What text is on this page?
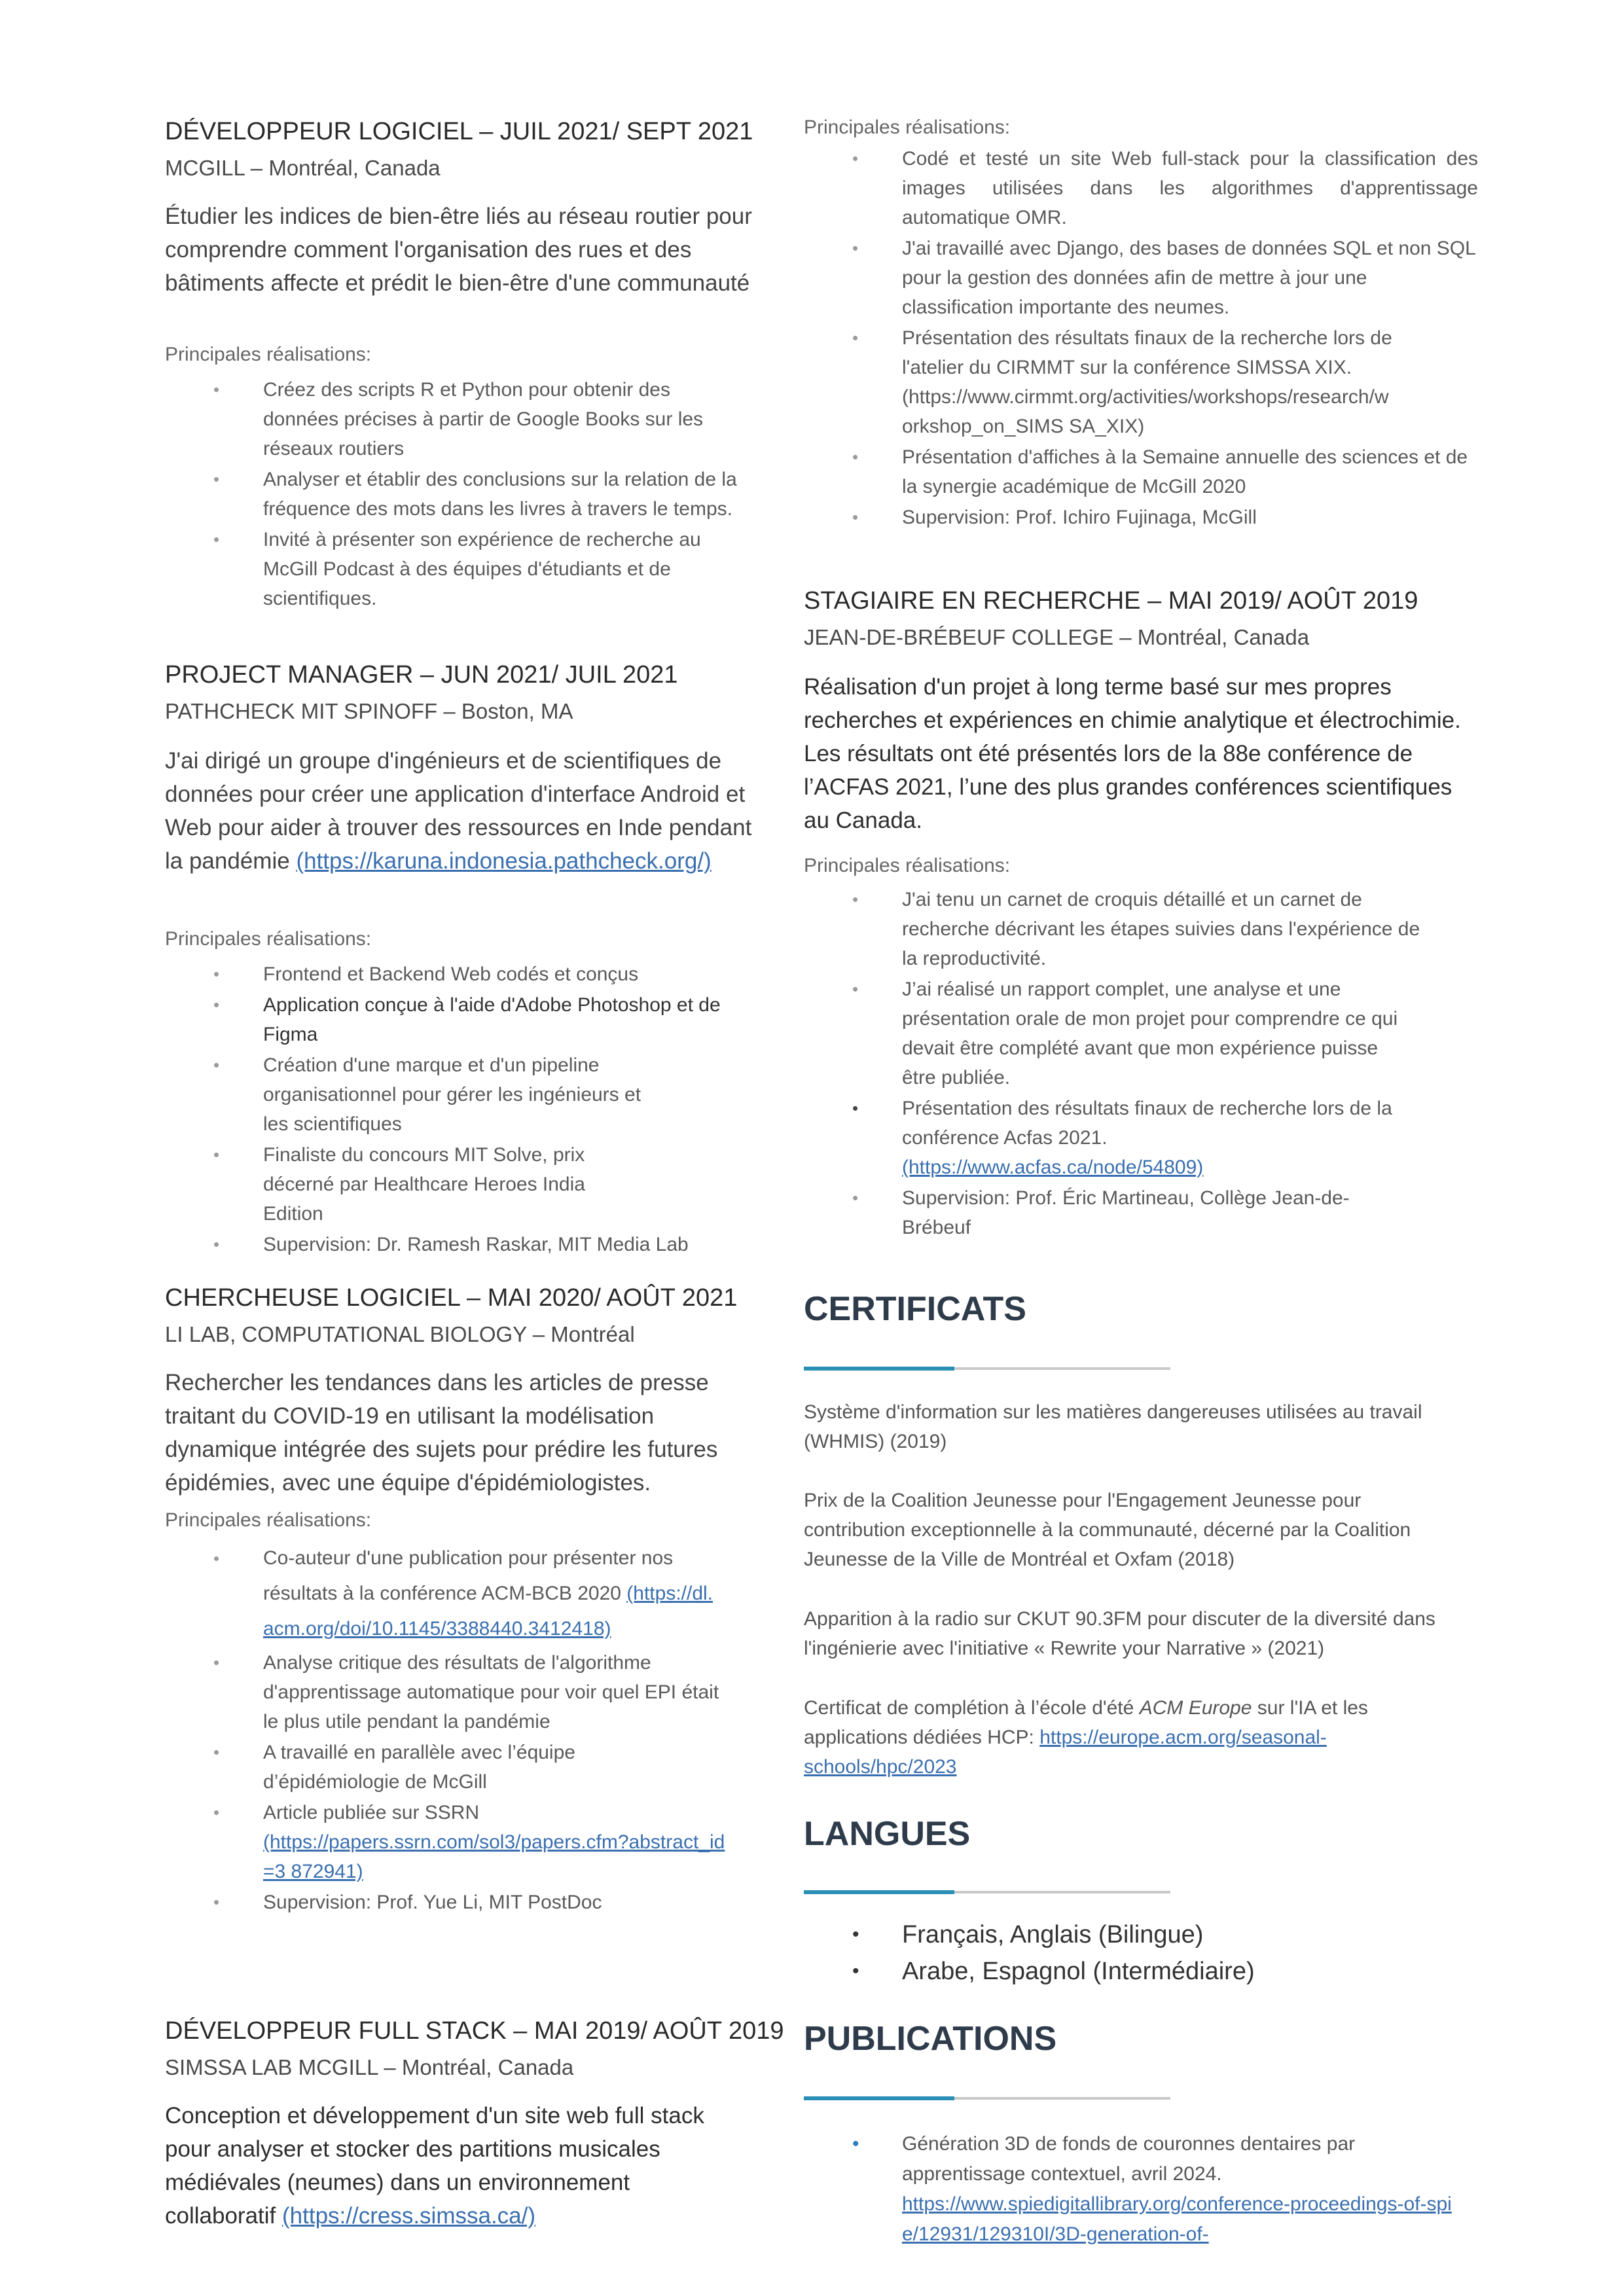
DÉVELOPPEUR LOGICIEL – JUIL 2021/ SEPT 2021
MCGILL – Montréal, Canada
Étudier les indices de bien-être liés au réseau routier pour comprendre comment l'organisation des rues et des bâtiments affecte et prédit le bien-être d'une communauté
Principales réalisations:
• Créez des scripts R et Python pour obtenir des données précises à partir de Google Books sur les réseaux routiers
• Analyser et établir des conclusions sur la relation de la fréquence des mots dans les livres à travers le temps.
• Invité à présenter son expérience de recherche au McGill Podcast à des équipes d'étudiants et de scientifiques.
PROJECT MANAGER – JUN 2021/ JUIL 2021
PATHCHECK MIT SPINOFF – Boston, MA
J'ai dirigé un groupe d'ingénieurs et de scientifiques de données pour créer une application d'interface Android et Web pour aider à trouver des ressources en Inde pendant la pandémie (https://karuna.indonesia.pathcheck.org/)
Principales réalisations:
• Frontend et Backend Web codés et conçus
• Application conçue à l'aide d'Adobe Photoshop et de Figma
• Création d'une marque et d'un pipeline organisationnel pour gérer les ingénieurs et les scientifiques
• Finaliste du concours MIT Solve, prix décerné par Healthcare Heroes India Edition
• Supervision: Dr. Ramesh Raskar, MIT Media Lab
CHERCHEUSE LOGICIEL – MAI 2020/ AOÛT 2021
LI LAB, COMPUTATIONAL BIOLOGY – Montréal
Rechercher les tendances dans les articles de presse traitant du COVID-19 en utilisant la modélisation dynamique intégrée des sujets pour prédire les futures épidémies, avec une équipe d'épidémiologistes.
Principales réalisations:
• Co-auteur d'une publication pour présenter nos résultats à la conférence ACM-BCB 2020 (https://dl.acm.org/doi/10.1145/3388440.3412418)
• Analyse critique des résultats de l'algorithme d'apprentissage automatique pour voir quel EPI était le plus utile pendant la pandémie
• A travaillé en parallèle avec l’équipe d’épidémiologie de McGill
• Article publiée sur SSRN
(https://papers.ssrn.com/sol3/papers.cfm?abstract_id=3 872941)
• Supervision: Prof. Yue Li, MIT PostDoc
DÉVELOPPEUR FULL STACK – MAI 2019/ AOÛT 2019
SIMSSA LAB MCGILL – Montréal, Canada
Conception et développement d'un site web full stack pour analyser et stocker des partitions musicales médiévales (neumes) dans un environnement collaboratif (https://cress.simssa.ca/)
Principales réalisations:
• Codé et testé un site Web full-stack pour la classification des images utilisées dans les algorithmes d'apprentissage automatique OMR.
• J'ai travaillé avec Django, des bases de données SQL et non SQL pour la gestion des données afin de mettre à jour une classification importante des neumes.
• Présentation des résultats finaux de la recherche lors de l'atelier du CIRMMT sur la conférence SIMSSA XIX. (https://www.cirmmt.org/activities/workshops/research/workshop_on_SIMS SA_XIX)
• Présentation d'affiches à la Semaine annuelle des sciences et de la synergie académique de McGill 2020
• Supervision: Prof. Ichiro Fujinaga, McGill
STAGIAIRE EN RECHERCHE – MAI 2019/ AOÛT 2019
JEAN-DE-BRÉBEUF COLLEGE – Montréal, Canada
Réalisation d'un projet à long terme basé sur mes propres recherches et expériences en chimie analytique et électrochimie. Les résultats ont été présentés lors de la 88e conférence de l’ACFAS 2021, l’une des plus grandes conférences scientifiques au Canada.
Principales réalisations:
• J'ai tenu un carnet de croquis détaillé et un carnet de recherche décrivant les étapes suivies dans l'expérience de la reproductivité.
• J’ai réalisé un rapport complet, une analyse et une présentation orale de mon projet pour comprendre ce qui devait être complété avant que mon expérience puisse être publiée.
• Présentation des résultats finaux de recherche lors de la conférence Acfas 2021.
(https://www.acfas.ca/node/54809)
• Supervision: Prof. Éric Martineau, Collège Jean-de-Brébeuf
CERTIFICATS
Système d'information sur les matières dangereuses utilisées au travail (WHMIS) (2019)
Prix de la Coalition Jeunesse pour l'Engagement Jeunesse pour contribution exceptionnelle à la communauté, décerné par la Coalition Jeunesse de la Ville de Montréal et Oxfam (2018)
Apparition à la radio sur CKUT 90.3FM pour discuter de la diversité dans l'ingénierie avec l'initiative « Rewrite your Narrative » (2021)
Certificat de complétion à l’école d'été ACM Europe sur l'IA et les applications dédiées HCP: https://europe.acm.org/seasonal-schools/hpc/2023
LANGUES
• Français, Anglais (Bilingue)
• Arabe, Espagnol (Intermédiaire)
PUBLICATIONS
• Génération 3D de fonds de couronnes dentaires par apprentissage contextuel, avril 2024.
https://www.spiedigitallibrary.org/conference-proceedings-of-spie/12931/129310I/3D-generation-of-
